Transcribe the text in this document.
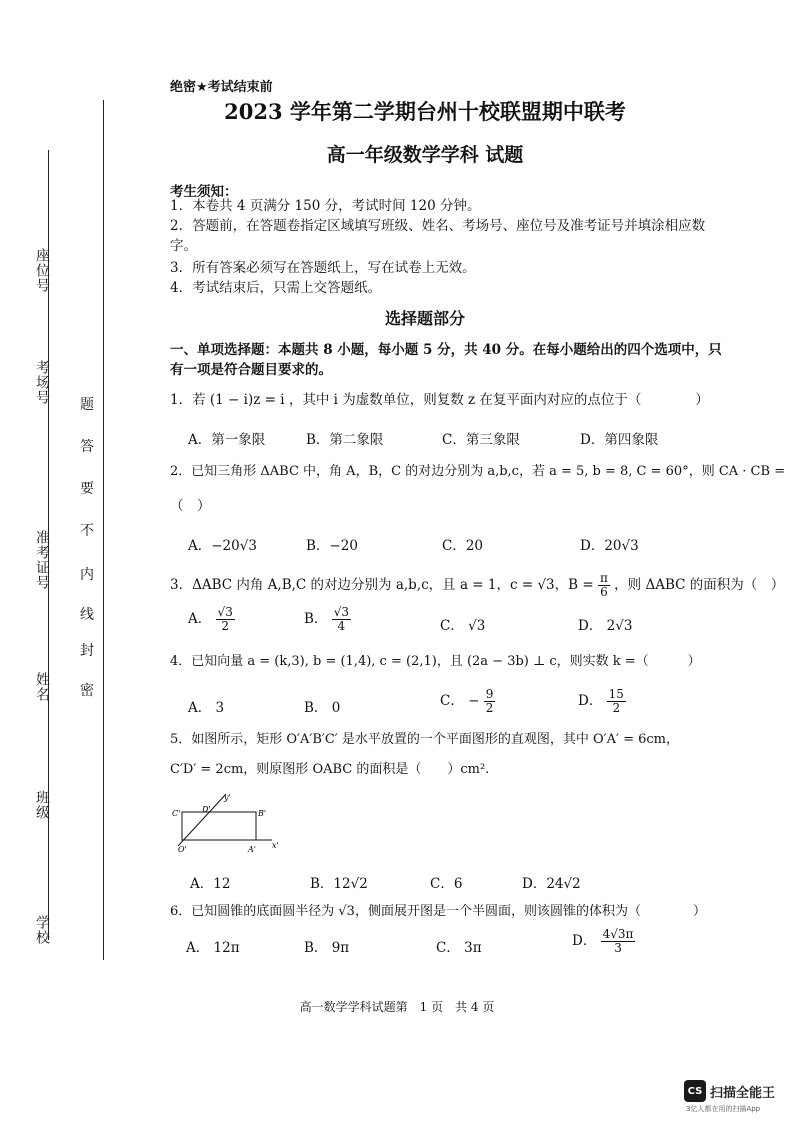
座位号
考场号
准考证号
姓名
班级
学校
题
答
要
不
内
线
封
密
绝密★考试结束前
2023 学年第二学期台州十校联盟期中联考
高一年级数学学科 试题
考生须知：
1．本卷共 4 页满分 150 分，考试时间 120 分钟。
2．答题前，在答题卷指定区域填写班级、姓名、考场号、座位号及准考证号并填涂相应数
字。
3．所有答案必须写在答题纸上，写在试卷上无效。
4．考试结束后，只需上交答题纸。
选择题部分
一、单项选择题：本题共 8 小题，每小题 5 分，共 40 分。在每小题给出的四个选项中，只
有一项是符合题目要求的。
1．若 (1 − i)z = i ，其中 i 为虚数单位，则复数 z 在复平面内对应的点位于（　　　　）
A．第一象限	B．第二象限	C．第三象限	D．第四象限
2．已知三角形 ΔABC 中，角 A，B，C 的对边分别为 a,b,c，若 a = 5, b = 8, C = 60°，则 CA · CB =
（　）
A．−20√3	B．−20	C．20	D．20√3
3．ΔABC 内角 A,B,C 的对边分别为 a,b,c，且 a = 1，c = √3，$B = \frac{\pi}{6}$ ，则 ΔABC 的面积为（　）
A． $\frac{√3}{2}$	B． $\frac{√3}{4}$	C． √3	D． 2√3
4．已知向量 a = (k,3), b = (1,4), c = (2,1)，且 (2a − 3b) ⊥ c，则实数 k =（　　　）
A． 3	B． 0	C． − $\frac{9}{2}$	D． $\frac{15}{2}$
5．如图所示，矩形 O′A′B′C′ 是水平放置的一个平面图形的直观图，其中 O′A′ = 6cm，
C′D′ = 2cm，则原图形 OABC 的面积是（　　）cm².
C'	D'	B'
O'	A' x'
y'
A．12	B．12√2	C．6	D．24√2
6．已知圆锥的底面圆半径为 √3，侧面展开图是一个半圆面，则该圆锥的体积为（　　　　）
A． 12π	B． 9π	C． 3π	D． $\frac{4√3\pi}{3}$
高一数学学科试题第　1 页　共 4 页
CS 扫描全能王
3亿人都在用的扫描App
